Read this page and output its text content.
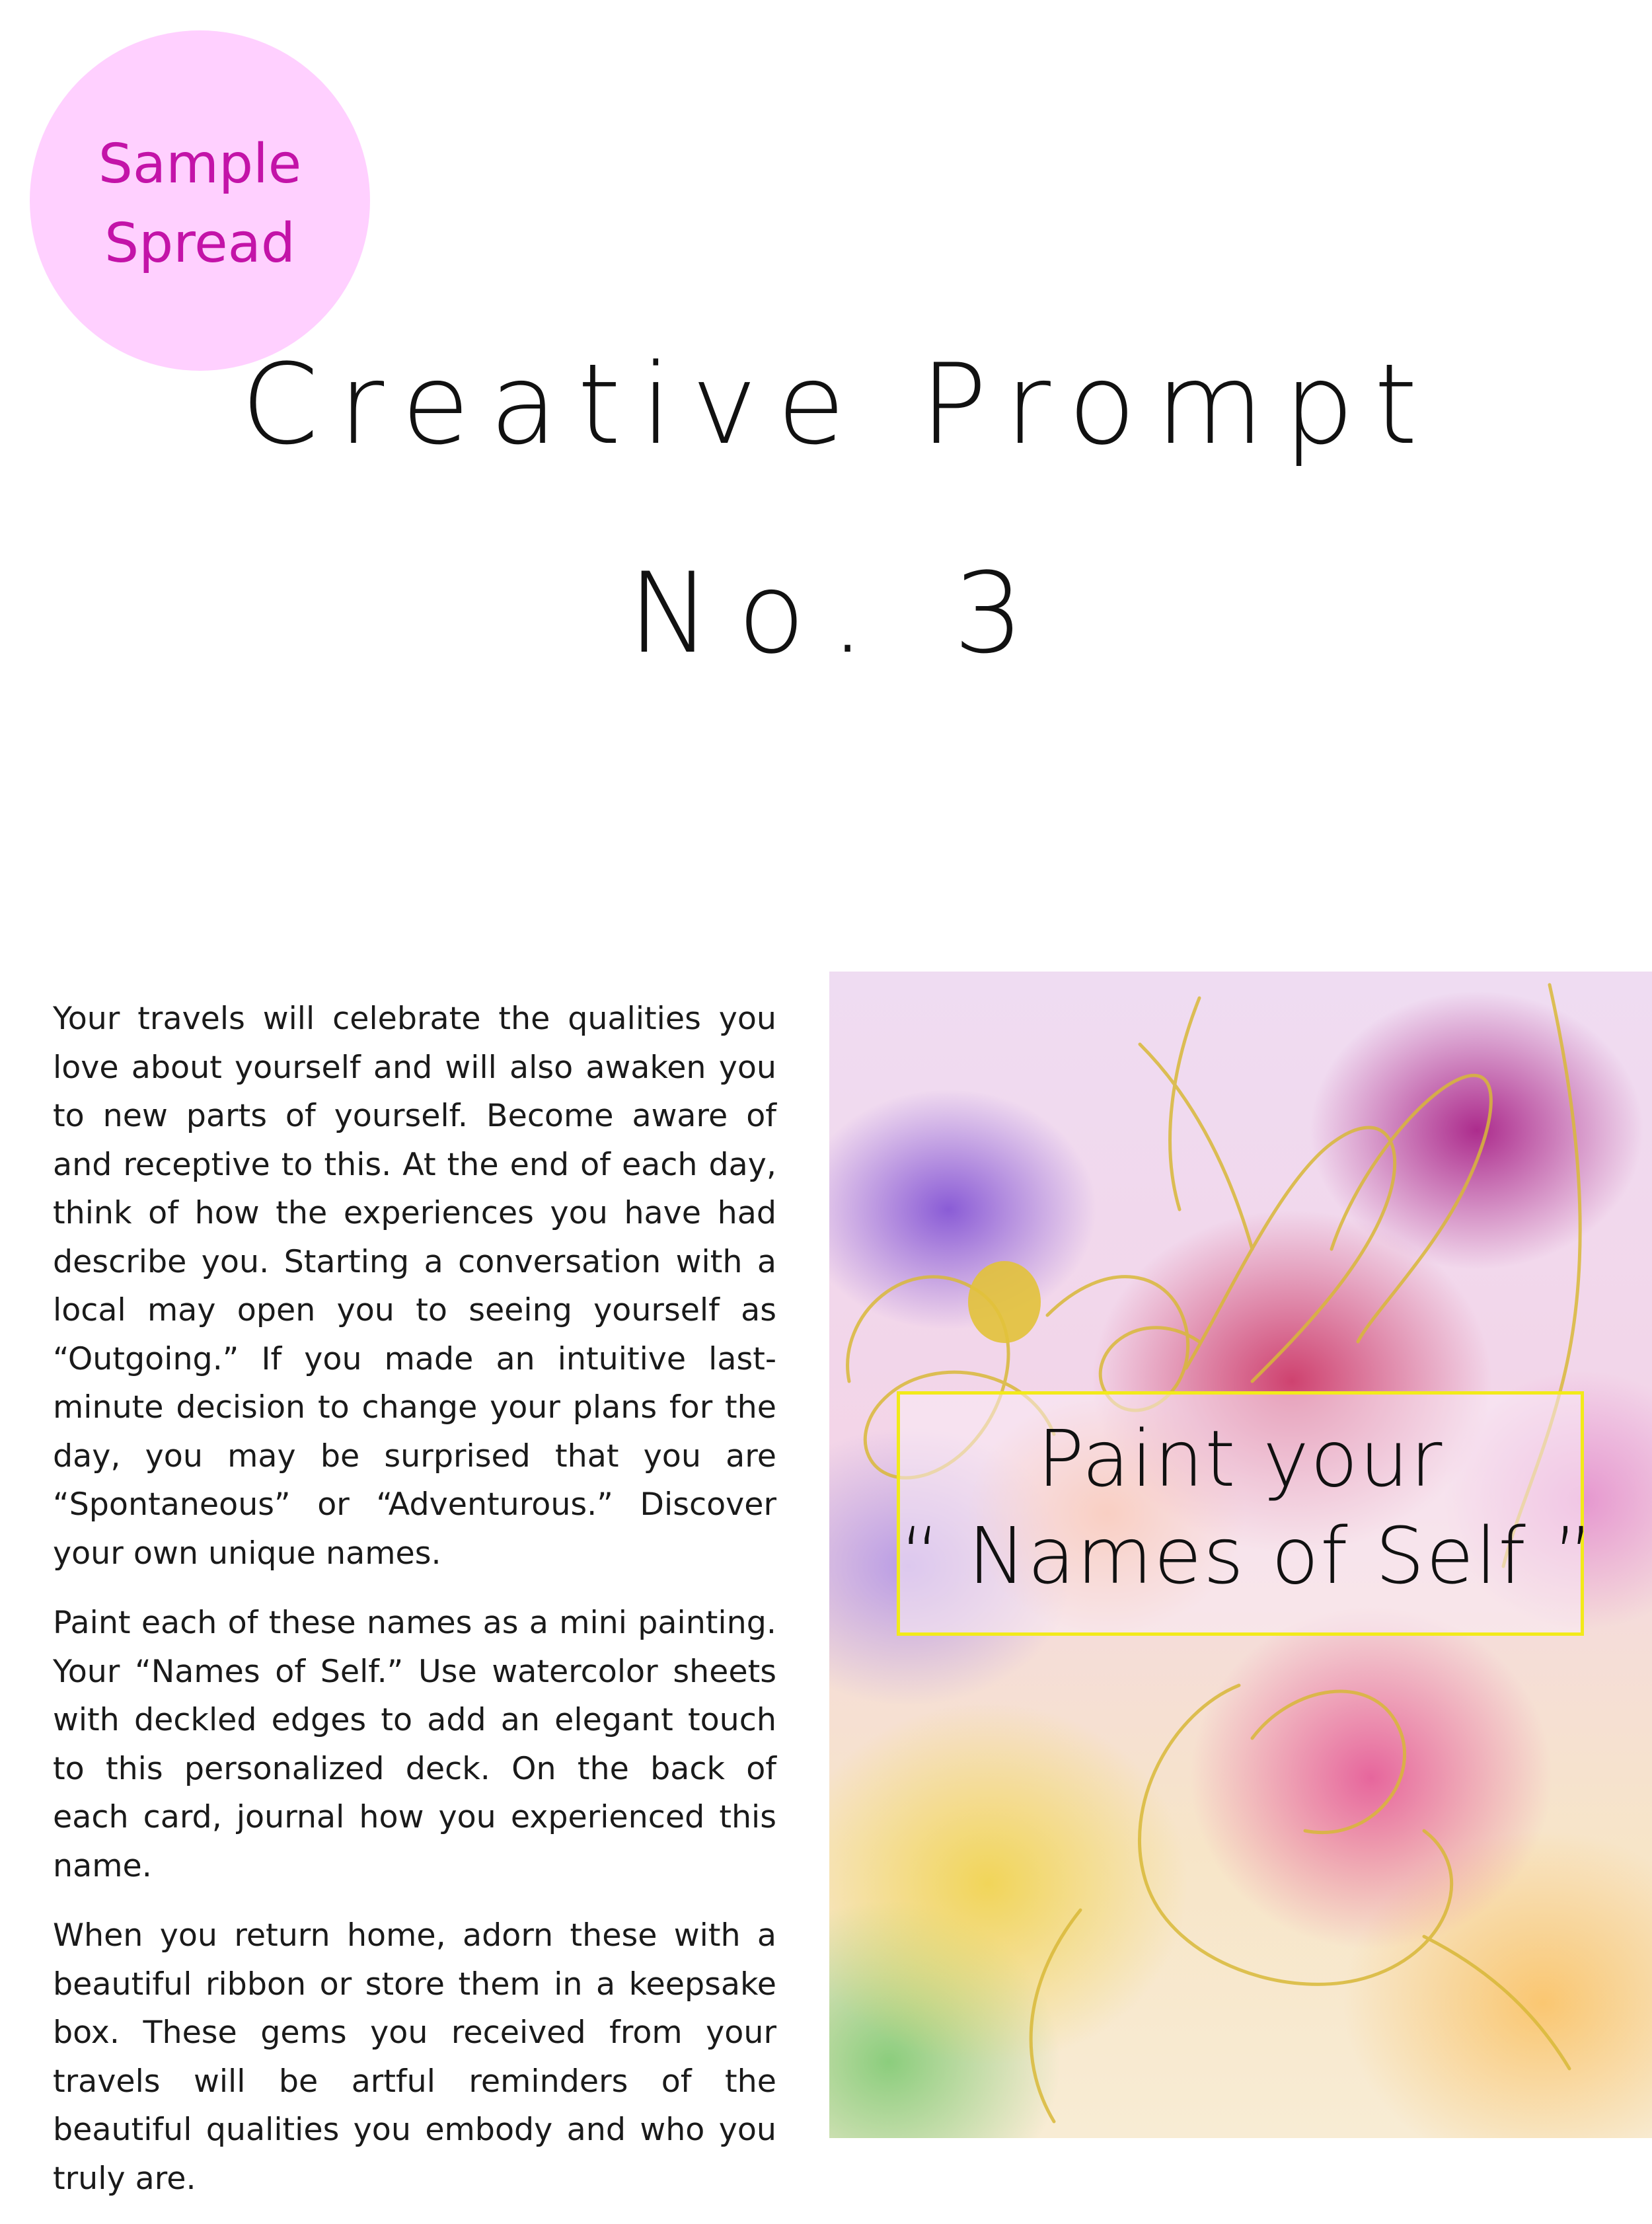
Sample
Spread
Creative Prompt
No. 3

Your travels will celebrate the qualities you love about yourself and will also awaken you to new parts of yourself. Become aware of and receptive to this. At the end of each day, think of how the experiences you have had describe you. Starting a conversation with a local may open you to seeing yourself as “Outgoing.” If you made an intuitive last-minute decision to change your plans for the day, you may be surprised that you are “Spontaneous” or “Adventurous.” Discover your own unique names.

Paint each of these names as a mini painting. Your “Names of Self.” Use watercolor sheets with deckled edges to add an elegant touch to this personalized deck. On the back of each card, journal how you experienced this name.

When you return home, adorn these with a beautiful ribbon or store them in a keepsake box. These gems you received from your travels will be artful reminders of the beautiful qualities you embody and who you truly are.

Paint your
“ Names of Self ”
